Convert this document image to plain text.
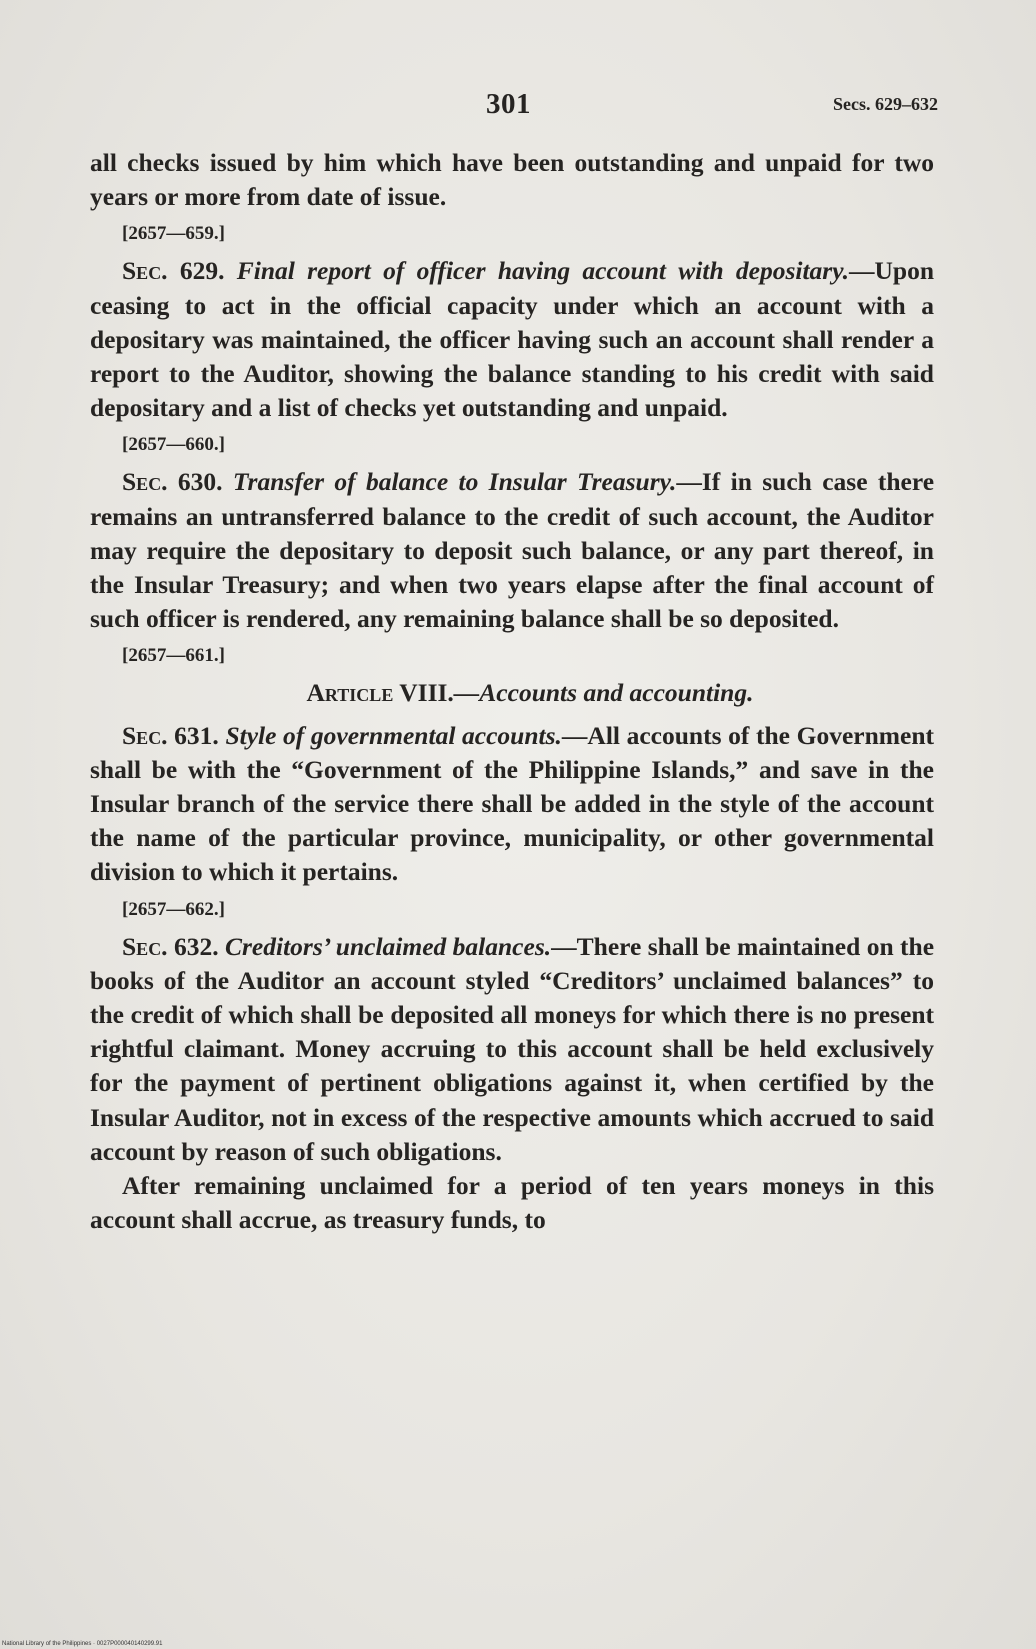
301	Secs. 629–632

all checks issued by him which have been outstanding and unpaid for two years or more from date of issue.

[2657—659.]

Sec. 629. Final report of officer having account with depositary.—Upon ceasing to act in the official capacity under which an account with a depositary was maintained, the officer having such an account shall render a report to the Auditor, showing the balance standing to his credit with said depositary and a list of checks yet outstanding and unpaid.

[2657—660.]

Sec. 630. Transfer of balance to Insular Treasury.—If in such case there remains an untransferred balance to the credit of such account, the Auditor may require the depositary to deposit such balance, or any part thereof, in the Insular Treasury; and when two years elapse after the final account of such officer is rendered, any remaining balance shall be so deposited.

[2657—661.]
Article VIII.—Accounts and accounting.

Sec. 631. Style of governmental accounts.—All accounts of the Government shall be with the “Government of the Philippine Islands,” and save in the Insular branch of the service there shall be added in the style of the account the name of the particular province, municipality, or other governmental division to which it pertains.

[2657—662.]

Sec. 632. Creditors’ unclaimed balances.—There shall be maintained on the books of the Auditor an account styled “Creditors’ unclaimed balances” to the credit of which shall be deposited all moneys for which there is no present rightful claimant. Money accruing to this account shall be held exclusively for the payment of pertinent obligations against it, when certified by the Insular Auditor, not in excess of the respective amounts which accrued to said account by reason of such obligations.

After remaining unclaimed for a period of ten years moneys in this account shall accrue, as treasury funds, to

National Library of the Philippines · 0027P000040140299.91
